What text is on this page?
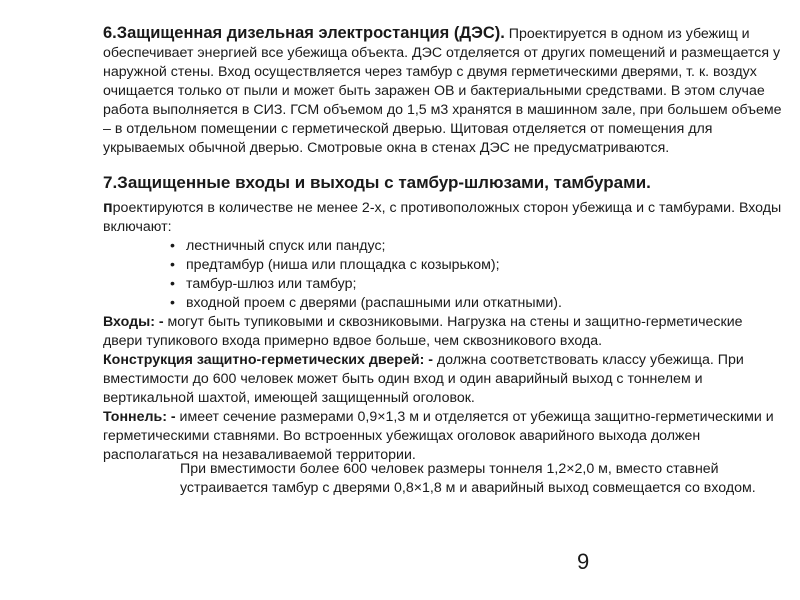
6.Защищенная дизельная электростанция (ДЭС). Проектируется в одном из убежищ и обеспечивает энергией все убежища объекта. ДЭС отделяется от других помещений и размещается у наружной стены. Вход осуществляется через тамбур с двумя герметическими дверями, т. к. воздух очищается только от пыли и может быть заражен ОВ и бактериальными средствами. В этом случае работа выполняется в СИЗ. ГСМ объемом до 1,5 м3 хранятся в машинном зале, при большем объеме – в отдельном помещении с герметической дверью. Щитовая отделяется от помещения для укрываемых обычной дверью. Смотровые окна в стенах ДЭС не предусматриваются.

7.Защищенные входы и выходы с тамбур-шлюзами, тамбурами.

проектируются в количестве не менее 2-х, с противоположных сторон убежища и с тамбурами. Входы включают:

• лестничный спуск или пандус;
• предтамбур (ниша или площадка с козырьком);
• тамбур-шлюз или тамбур;
• входной проем с дверями (распашными или откатными).

Входы: - могут быть тупиковыми и сквозниковыми. Нагрузка на стены и защитно-герметические двери тупикового входа примерно вдвое больше, чем сквозникового входа.

Конструкция защитно-герметических дверей: - должна соответствовать классу убежища. При вместимости до 600 человек может быть один вход и один аварийный выход с тоннелем и вертикальной шахтой, имеющей защищенный оголовок.

Тоннель: - имеет сечение размерами 0,9×1,3 м и отделяется от убежища защитно-герметическими и герметическими ставнями. Во встроенных убежищах оголовок аварийного выхода должен располагаться на незаваливаемой территории.

При вместимости более 600 человек размеры тоннеля 1,2×2,0 м, вместо ставней устраивается тамбур с дверями 0,8×1,8 м и аварийный выход совмещается со входом.
9
